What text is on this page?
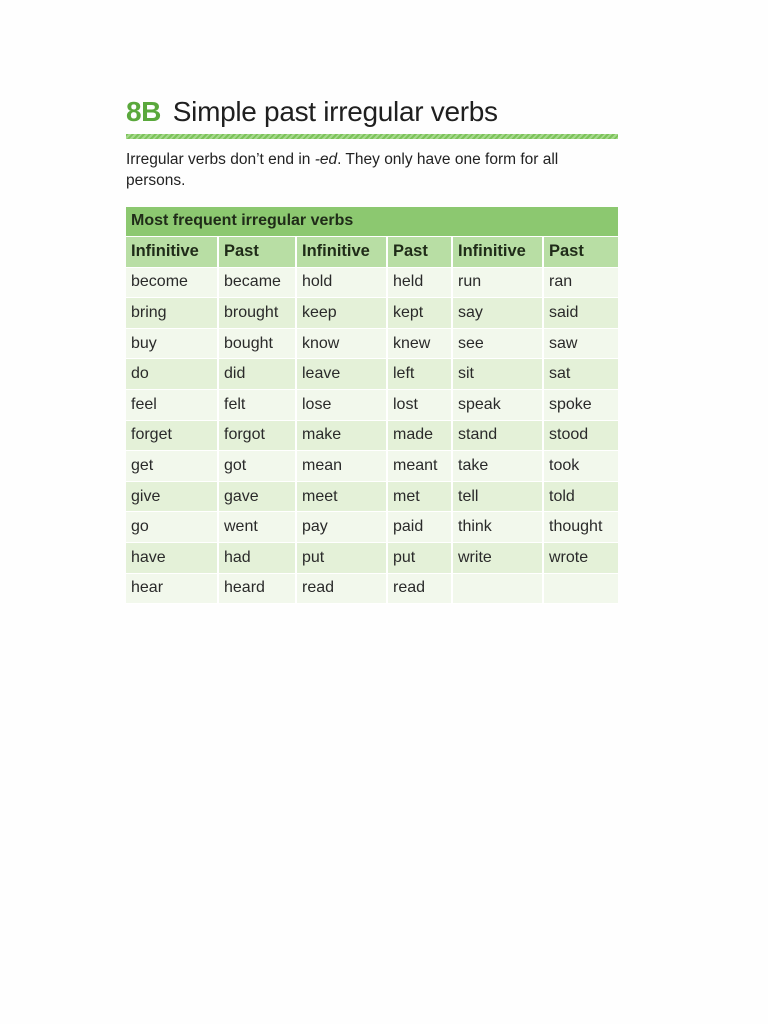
8B Simple past irregular verbs

Irregular verbs don’t end in -ed. They only have one form for all persons.

Most frequent irregular verbs					
Infinitive	Past	Infinitive	Past	Infinitive	Past
become	became	hold	held	run	ran
bring	brought	keep	kept	say	said
buy	bought	know	knew	see	saw
do	did	leave	left	sit	sat
feel	felt	lose	lost	speak	spoke
forget	forgot	make	made	stand	stood
get	got	mean	meant	take	took
give	gave	meet	met	tell	told
go	went	pay	paid	think	thought
have	had	put	put	write	wrote
hear	heard	read	read		
